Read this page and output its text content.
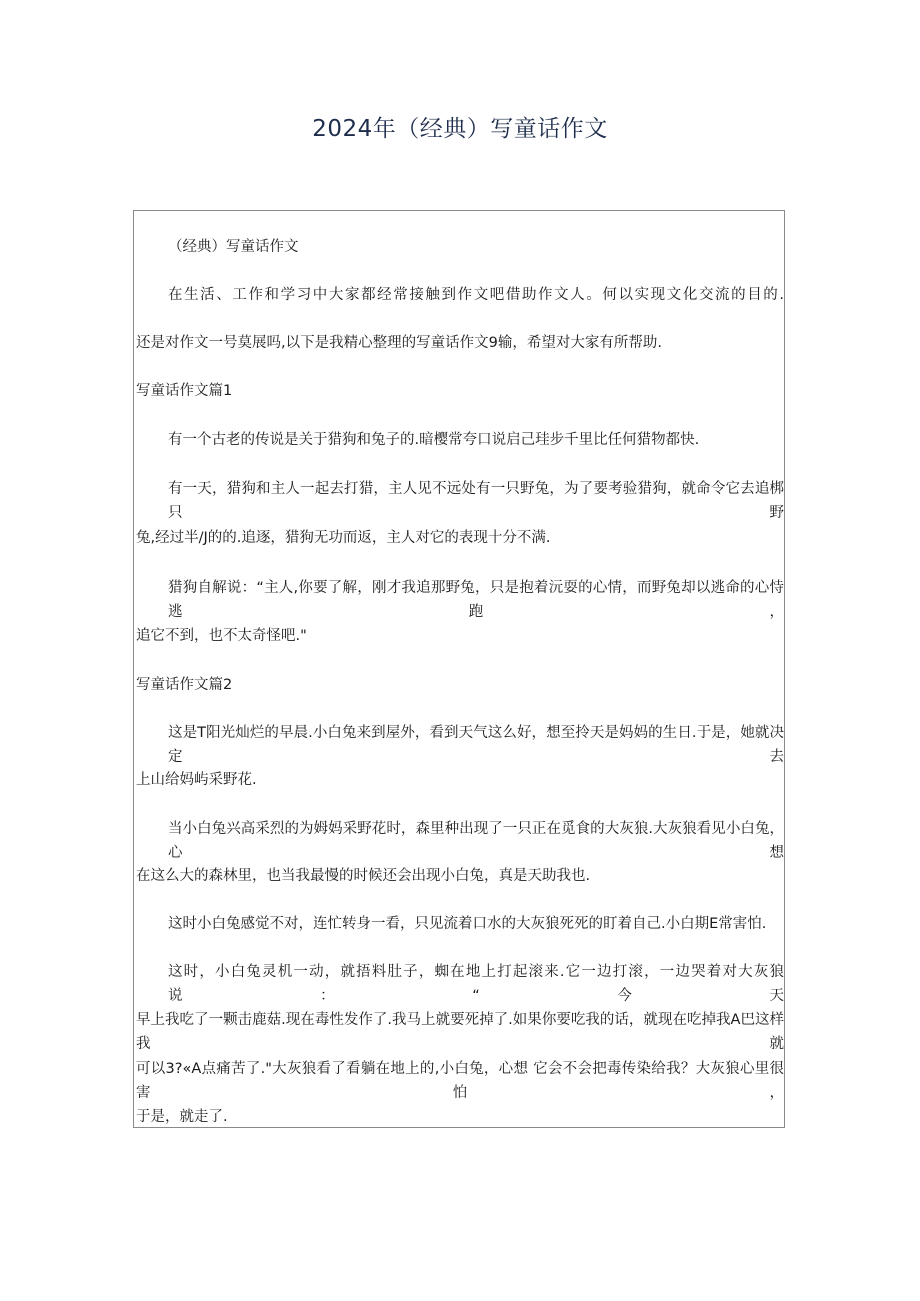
2024年（经典）写童话作文
（经典）写童话作文
在生活、工作和学习中大家都经常接触到作文吧借助作文人。何以实现文化交流的目的.
还是对作文一号莫展吗,以下是我精心整理的写童话作文9输，希望对大家有所帮助.
写童话作文篇1
有一个古老的传说是关于猎狗和兔子的.暗樱常夸口说启己珪步千里比任何猎物都快.
有一天，猎狗和主人一起去打猎，主人见不远处有一只野兔，为了要考验猎狗，就命令它去追梆只野
兔,经过半/J的的.追逐，猎狗无功而返，主人对它的表现十分不满.
猎狗自解说：“主人,你要了解，刚才我追那野兔，只是抱着沅耍的心情，而野兔却以逃命的心恃逃跑，
追它不到，也不太奇怪吧."
写童话作文篇2
这是T阳光灿烂的早晨.小白兔来到屋外，看到天气这么好，想至拎天是妈妈的生日.于是，她就决定去
上山给妈屿采野花.
当小白兔兴高采烈的为姆妈采野花时，森里种出现了一只正在觅食的大灰狼.大灰狼看见小白兔，心想
在这么大的森林里，也当我最慢的时候还会出现小白兔，真是天助我也.
这时小白兔感觉不对，连忙转身一看，只见流着口水的大灰狼死死的盯着自己.小白期E常害怕.
这时，小白兔灵机一动，就捂料肚子，蜘在地上打起滚来.它一边打滚，一边哭着对大灰狼说：“今天
早上我吃了一颗击鹿菇.现在毒性发作了.我马上就要死掉了.如果你要吃我的话，就现在吃掉我A巴这样我就
可以3?«A点痛苦了."大灰狼看了看躺在地上的,小白兔，心想 它会不会把毒传染给我？大灰狼心里很害怕，
于是，就走了.
